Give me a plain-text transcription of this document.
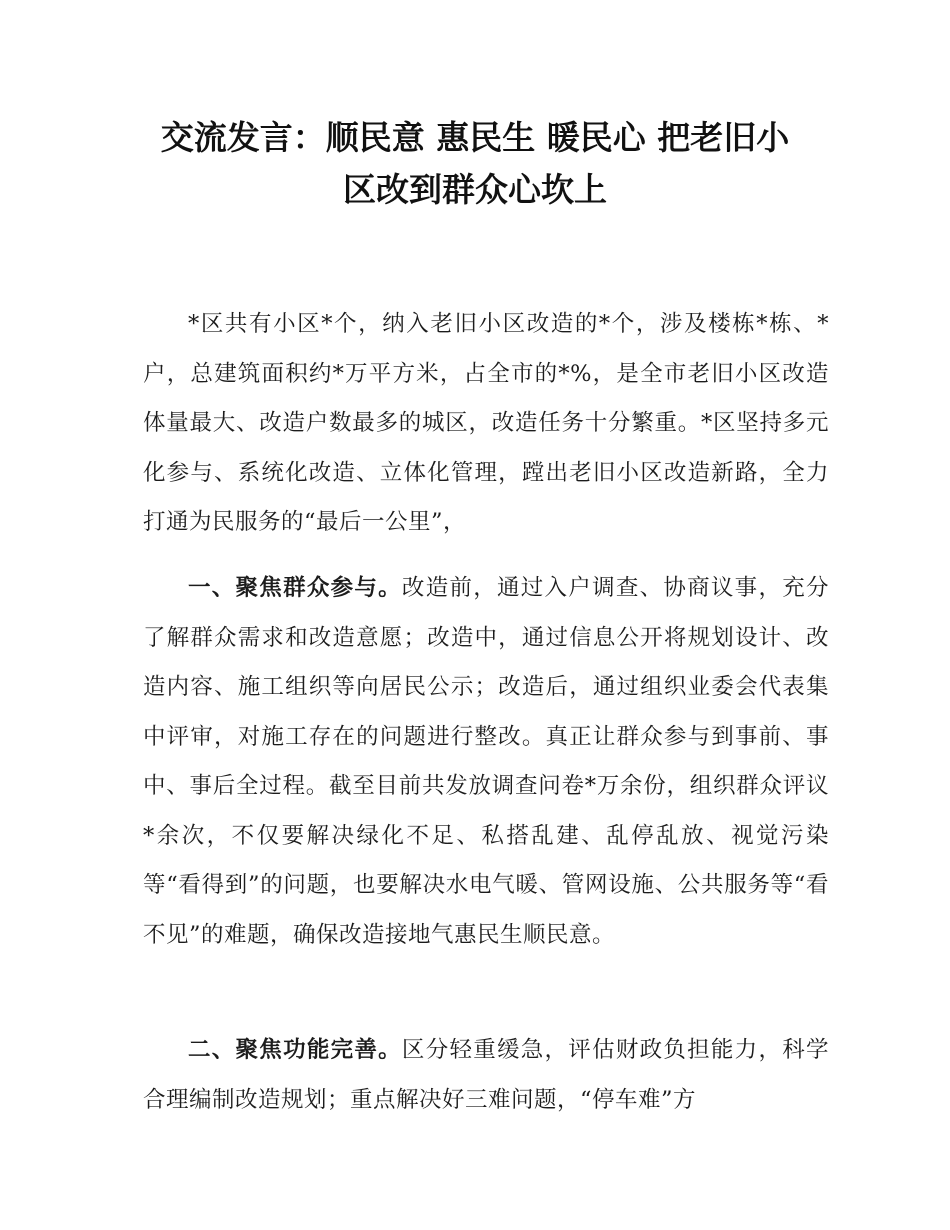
交流发言：顺民意 惠民生 暖民心 把老旧小
区改到群众心坎上

*区共有小区*个，纳入老旧小区改造的*个，涉及楼栋*栋、*户，总建筑面积约*万平方米，占全市的*%，是全市老旧小区改造体量最大、改造户数最多的城区，改造任务十分繁重。*区坚持多元化参与、系统化改造、立体化管理，蹚出老旧小区改造新路，全力打通为民服务的“最后一公里”，

一、聚焦群众参与。改造前，通过入户调查、协商议事，充分了解群众需求和改造意愿；改造中，通过信息公开将规划设计、改造内容、施工组织等向居民公示；改造后，通过组织业委会代表集中评审，对施工存在的问题进行整改。真正让群众参与到事前、事中、事后全过程。截至目前共发放调查问卷*万余份，组织群众评议*余次，不仅要解决绿化不足、私搭乱建、乱停乱放、视觉污染等“看得到”的问题，也要解决水电气暖、管网设施、公共服务等“看不见”的难题，确保改造接地气惠民生顺民意。

二、聚焦功能完善。区分轻重缓急，评估财政负担能力，科学合理编制改造规划；重点解决好三难问题，“停车难”方
